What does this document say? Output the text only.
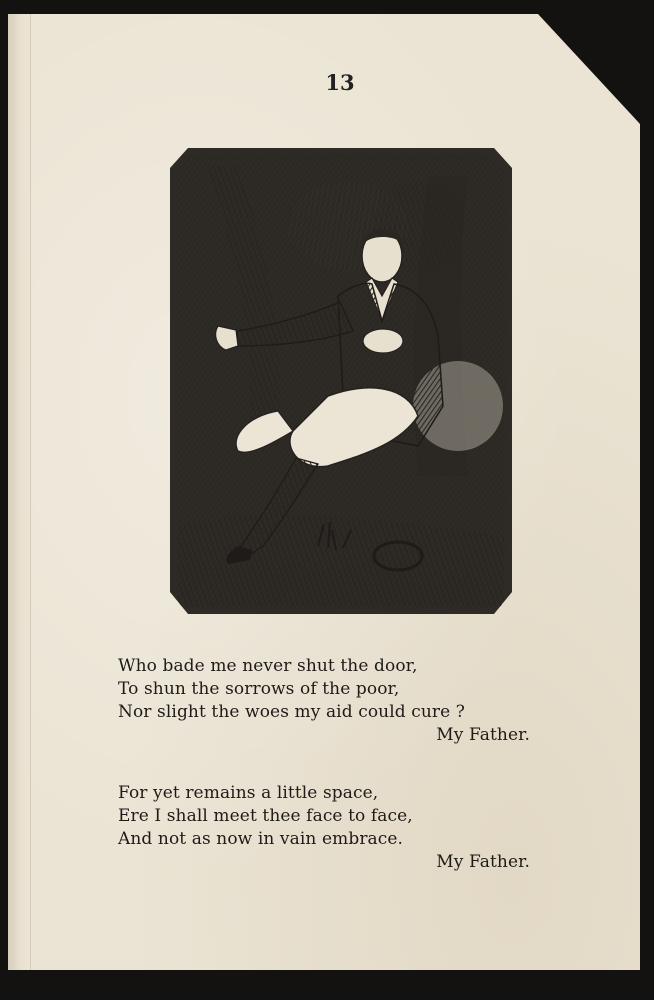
13
Who bade me never shut the door,
To shun the sorrows of the poor,
Nor slight the woes my aid could cure ?
My Father.
For yet remains a little space,
Ere I shall meet thee face to face,
And not as now in vain embrace.
My Father.
